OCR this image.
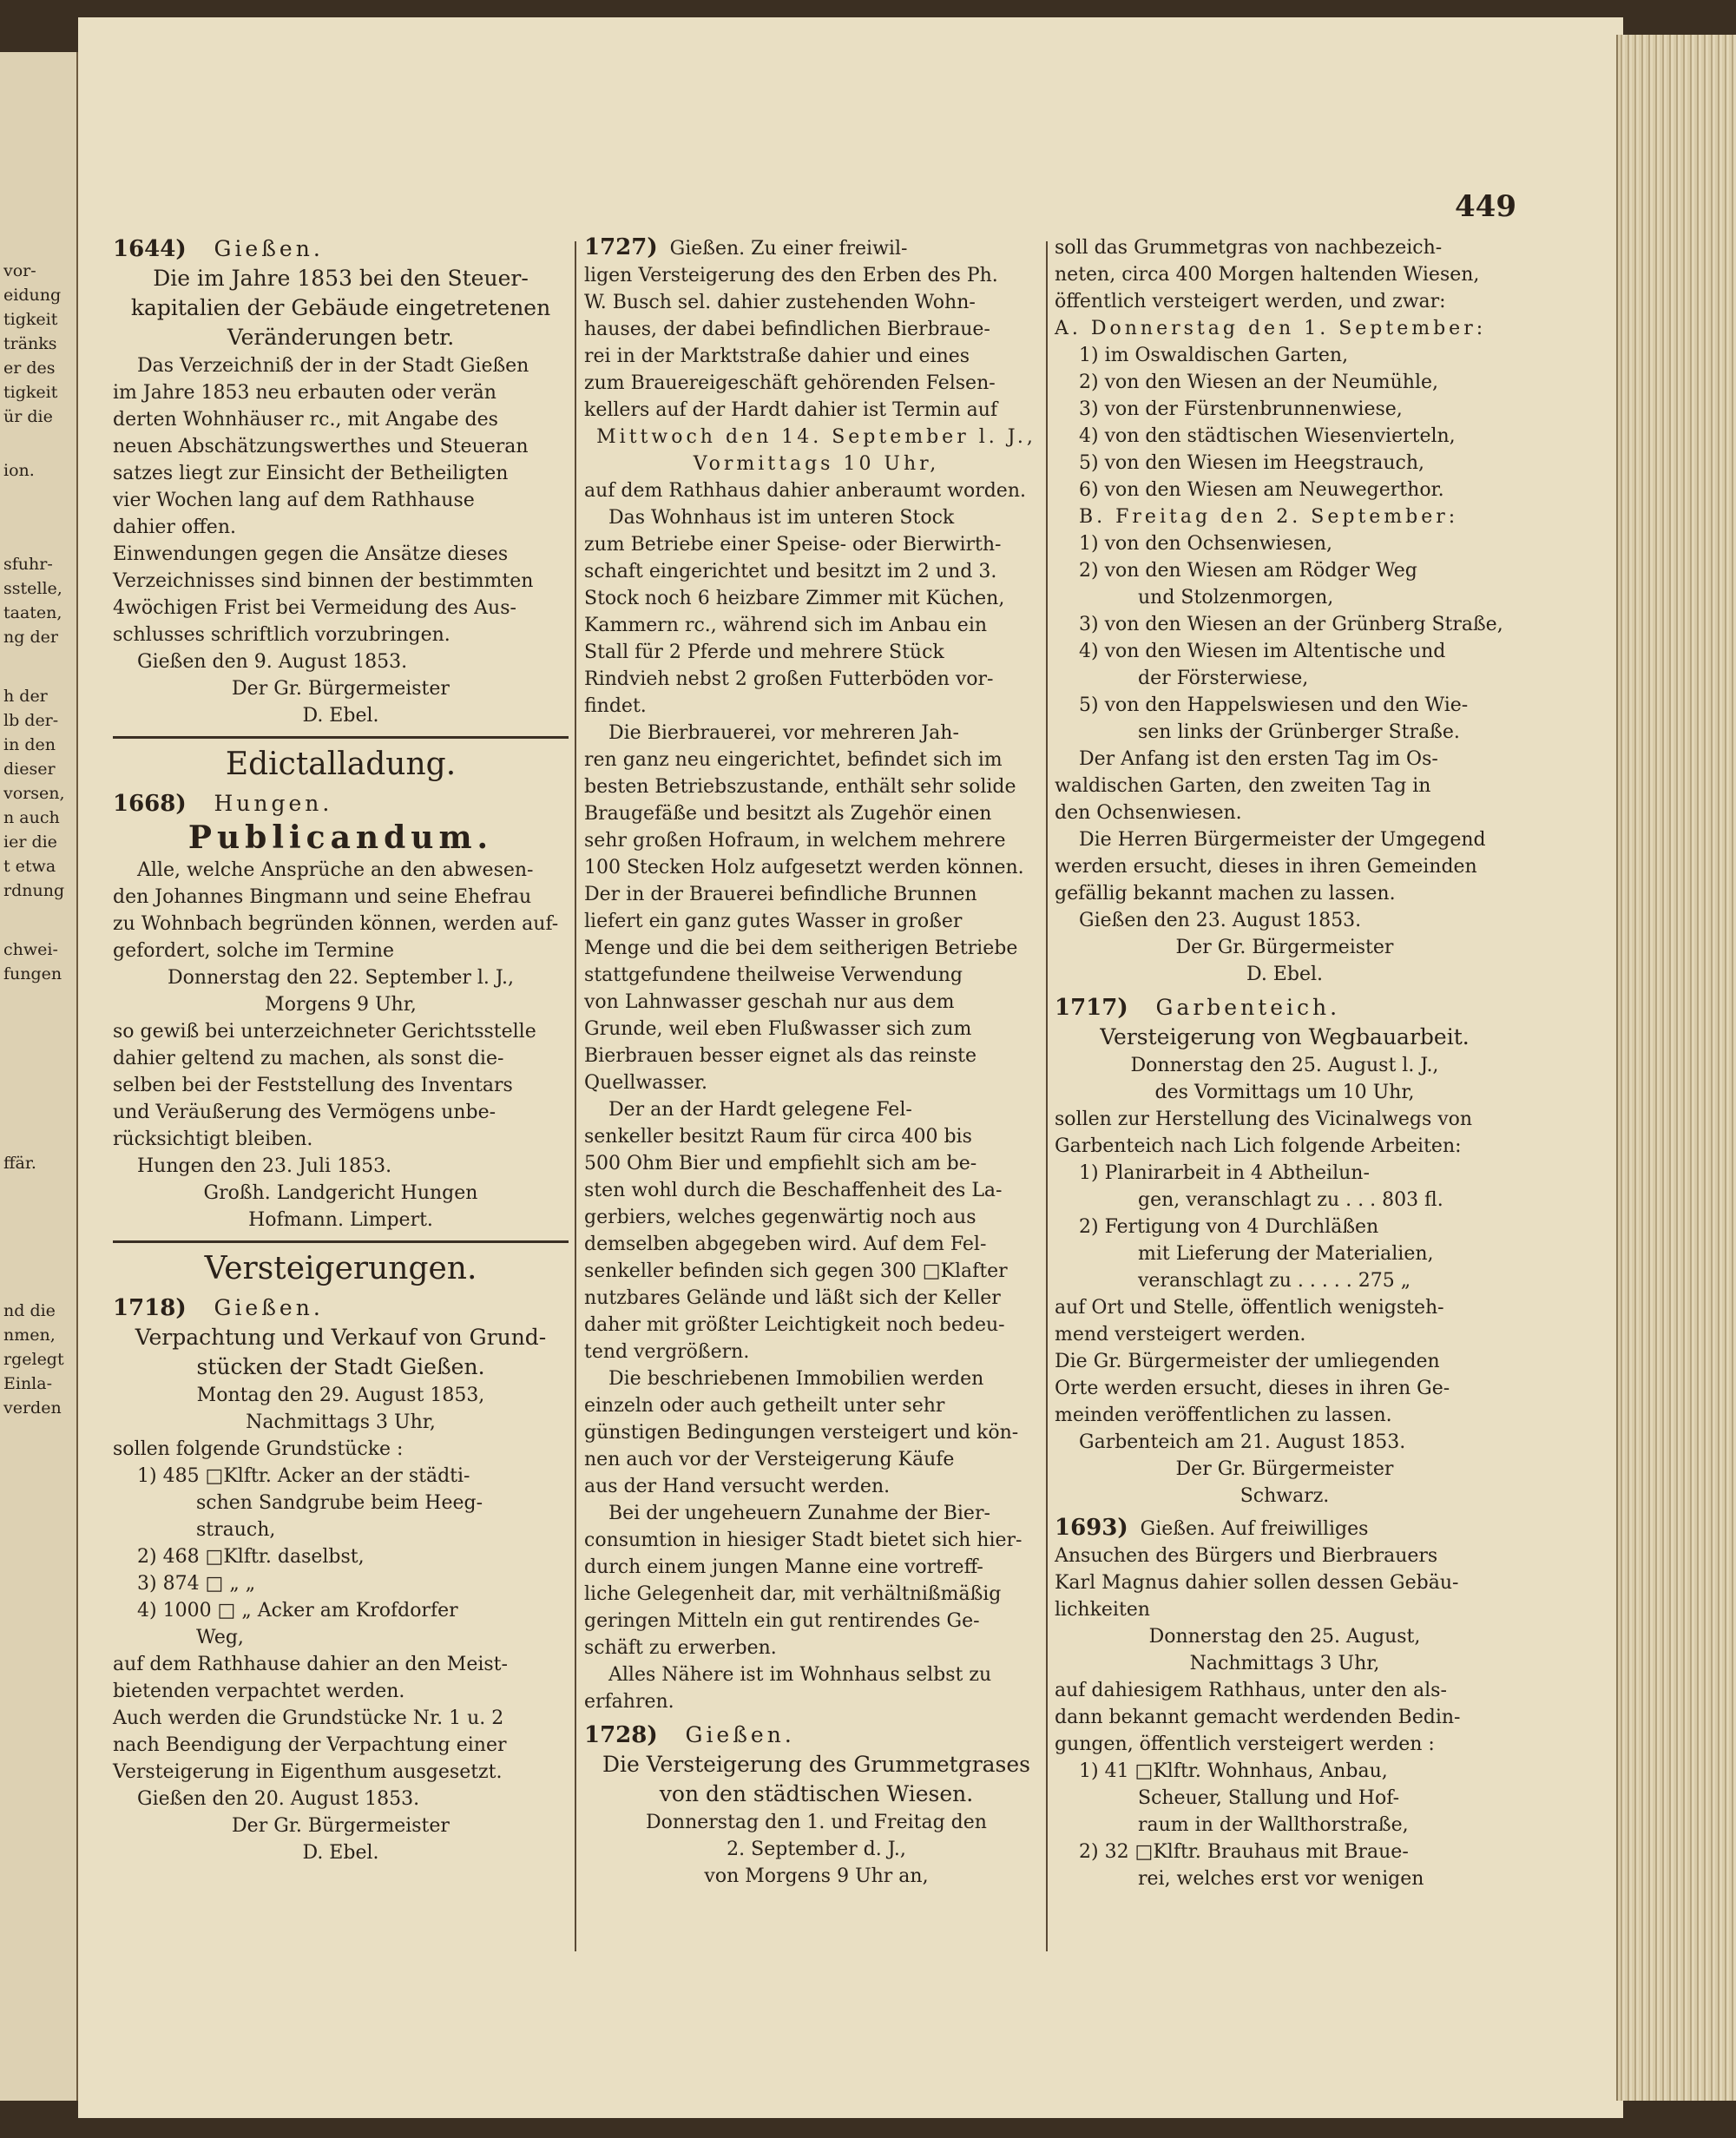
vor-
eidung
tigkeit
tränks
er des
tigkeit
ür die
ion.
sfuhr-
sstelle,
taaten,
ng der
h der
lb der-
in den
dieser
vorsen,
n auch
ier die
t etwa
rdnung
chwei-
fungen
ffär.
nd die
nmen,
rgelegt
Einla-
verden
449

1644) Gießen.

Die im Jahre 1853 bei den Steuer-

kapitalien der Gebäude eingetretenen

Veränderungen betr.

Das Verzeichniß der in der Stadt Gießen

im Jahre 1853 neu erbauten oder verän

derten Wohnhäuser rc., mit Angabe des

neuen Abschätzungswerthes und Steueran

satzes liegt zur Einsicht der Betheiligten

vier Wochen lang auf dem Rathhause

dahier offen.

Einwendungen gegen die Ansätze dieses

Verzeichnisses sind binnen der bestimmten

4wöchigen Frist bei Vermeidung des Aus-

schlusses schriftlich vorzubringen.

Gießen den 9. August 1853.

Der Gr. Bürgermeister

D. Ebel.

Edictalladung.

1668) Hungen.

Publicandum.

Alle, welche Ansprüche an den abwesen-

den Johannes Bingmann und seine Ehefrau

zu Wohnbach begründen können, werden auf-

gefordert, solche im Termine

Donnerstag den 22. September l. J.,

Morgens 9 Uhr,

so gewiß bei unterzeichneter Gerichtsstelle

dahier geltend zu machen, als sonst die-

selben bei der Feststellung des Inventars

und Veräußerung des Vermögens unbe-

rücksichtigt bleiben.

Hungen den 23. Juli 1853.

Großh. Landgericht Hungen

Hofmann. Limpert.

Versteigerungen.

1718) Gießen.

Verpachtung und Verkauf von Grund-

stücken der Stadt Gießen.

Montag den 29. August 1853,

Nachmittags 3 Uhr,

sollen folgende Grundstücke :

1) 485 □Klftr. Acker an der städti-

schen Sandgrube beim Heeg-

strauch,

2) 468 □Klftr. daselbst,

3) 874 □ „ „

4) 1000 □ „ Acker am Krofdorfer

Weg,

auf dem Rathhause dahier an den Meist-

bietenden verpachtet werden.

Auch werden die Grundstücke Nr. 1 u. 2

nach Beendigung der Verpachtung einer

Versteigerung in Eigenthum ausgesetzt.

Gießen den 20. August 1853.

Der Gr. Bürgermeister

D. Ebel.

1727) Gießen. Zu einer freiwil-

ligen Versteigerung des den Erben des Ph.

W. Busch sel. dahier zustehenden Wohn-

hauses, der dabei befindlichen Bierbraue-

rei in der Marktstraße dahier und eines

zum Brauereigeschäft gehörenden Felsen-

kellers auf der Hardt dahier ist Termin auf

Mittwoch den 14. September l. J.,

Vormittags 10 Uhr,

auf dem Rathhaus dahier anberaumt worden.

Das Wohnhaus ist im unteren Stock

zum Betriebe einer Speise- oder Bierwirth-

schaft eingerichtet und besitzt im 2 und 3.

Stock noch 6 heizbare Zimmer mit Küchen,

Kammern rc., während sich im Anbau ein

Stall für 2 Pferde und mehrere Stück

Rindvieh nebst 2 großen Futterböden vor-

findet.

Die Bierbrauerei, vor mehreren Jah-

ren ganz neu eingerichtet, befindet sich im

besten Betriebszustande, enthält sehr solide

Braugefäße und besitzt als Zugehör einen

sehr großen Hofraum, in welchem mehrere

100 Stecken Holz aufgesetzt werden können.

Der in der Brauerei befindliche Brunnen

liefert ein ganz gutes Wasser in großer

Menge und die bei dem seitherigen Betriebe

stattgefundene theilweise Verwendung

von Lahnwasser geschah nur aus dem

Grunde, weil eben Flußwasser sich zum

Bierbrauen besser eignet als das reinste

Quellwasser.

Der an der Hardt gelegene Fel-

senkeller besitzt Raum für circa 400 bis

500 Ohm Bier und empfiehlt sich am be-

sten wohl durch die Beschaffenheit des La-

gerbiers, welches gegenwärtig noch aus

demselben abgegeben wird. Auf dem Fel-

senkeller befinden sich gegen 300 □Klafter

nutzbares Gelände und läßt sich der Keller

daher mit größter Leichtigkeit noch bedeu-

tend vergrößern.

Die beschriebenen Immobilien werden

einzeln oder auch getheilt unter sehr

günstigen Bedingungen versteigert und kön-

nen auch vor der Versteigerung Käufe

aus der Hand versucht werden.

Bei der ungeheuern Zunahme der Bier-

consumtion in hiesiger Stadt bietet sich hier-

durch einem jungen Manne eine vortreff-

liche Gelegenheit dar, mit verhältnißmäßig

geringen Mitteln ein gut rentirendes Ge-

schäft zu erwerben.

Alles Nähere ist im Wohnhaus selbst zu

erfahren.

1728) Gießen.

Die Versteigerung des Grummetgrases

von den städtischen Wiesen.

Donnerstag den 1. und Freitag den

2. September d. J.,

von Morgens 9 Uhr an,

soll das Grummetgras von nachbezeich-

neten, circa 400 Morgen haltenden Wiesen,

öffentlich versteigert werden, und zwar:

A. Donnerstag den 1. September:

1) im Oswaldischen Garten,

2) von den Wiesen an der Neumühle,

3) von der Fürstenbrunnenwiese,

4) von den städtischen Wiesenvierteln,

5) von den Wiesen im Heegstrauch,

6) von den Wiesen am Neuwegerthor.

B. Freitag den 2. September:

1) von den Ochsenwiesen,

2) von den Wiesen am Rödger Weg

und Stolzenmorgen,

3) von den Wiesen an der Grünberg Straße,

4) von den Wiesen im Altentische und

der Försterwiese,

5) von den Happelswiesen und den Wie-

sen links der Grünberger Straße.

Der Anfang ist den ersten Tag im Os-

waldischen Garten, den zweiten Tag in

den Ochsenwiesen.

Die Herren Bürgermeister der Umgegend

werden ersucht, dieses in ihren Gemeinden

gefällig bekannt machen zu lassen.

Gießen den 23. August 1853.

Der Gr. Bürgermeister

D. Ebel.

1717) Garbenteich.

Versteigerung von Wegbauarbeit.

Donnerstag den 25. August l. J.,

des Vormittags um 10 Uhr,

sollen zur Herstellung des Vicinalwegs von

Garbenteich nach Lich folgende Arbeiten:

1) Planirarbeit in 4 Abtheilun-

gen, veranschlagt zu . . . 803 fl.

2) Fertigung von 4 Durchläßen

mit Lieferung der Materialien,

veranschlagt zu . . . . . 275 „

auf Ort und Stelle, öffentlich wenigsteh-

mend versteigert werden.

Die Gr. Bürgermeister der umliegenden

Orte werden ersucht, dieses in ihren Ge-

meinden veröffentlichen zu lassen.

Garbenteich am 21. August 1853.

Der Gr. Bürgermeister

Schwarz.

1693) Gießen. Auf freiwilliges

Ansuchen des Bürgers und Bierbrauers

Karl Magnus dahier sollen dessen Gebäu-

lichkeiten

Donnerstag den 25. August,

Nachmittags 3 Uhr,

auf dahiesigem Rathhaus, unter den als-

dann bekannt gemacht werdenden Bedin-

gungen, öffentlich versteigert werden :

1) 41 □Klftr. Wohnhaus, Anbau,

Scheuer, Stallung und Hof-

raum in der Wallthorstraße,

2) 32 □Klftr. Brauhaus mit Braue-

rei, welches erst vor wenigen
